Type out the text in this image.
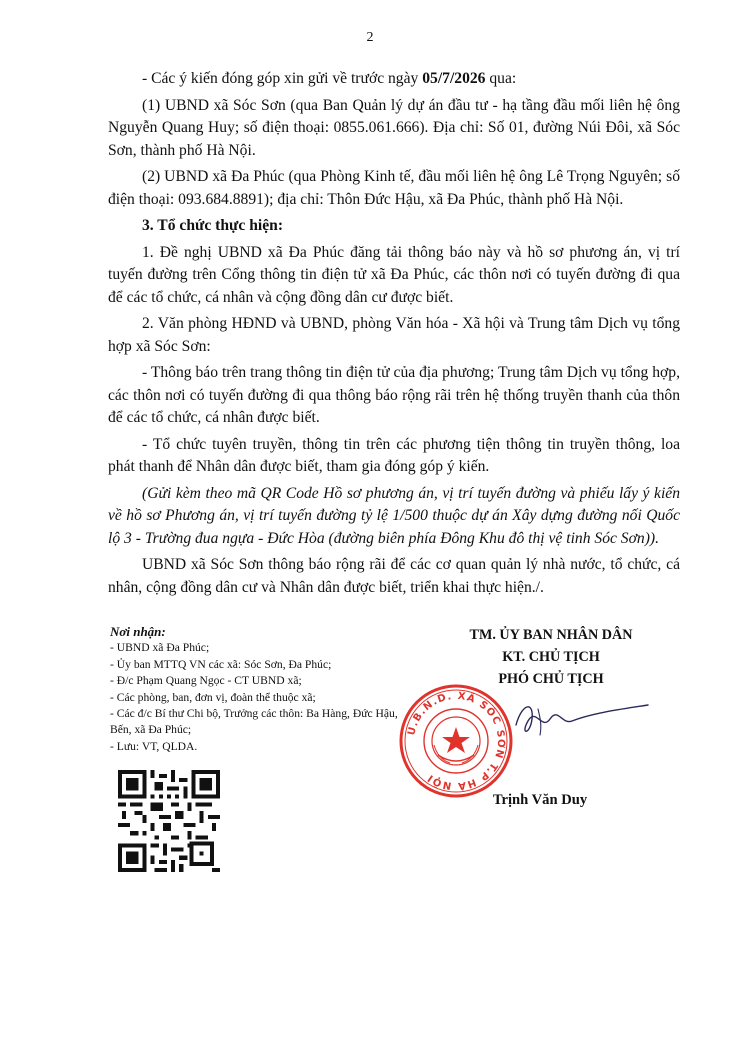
2

- Các ý kiến đóng góp xin gửi về trước ngày 05/7/2026 qua:

(1) UBND xã Sóc Sơn (qua Ban Quản lý dự án đầu tư - hạ tầng đầu mối liên hệ ông Nguyễn Quang Huy; số điện thoại: 0855.061.666). Địa chỉ: Số 01, đường Núi Đôi, xã Sóc Sơn, thành phố Hà Nội.

(2) UBND xã Đa Phúc (qua Phòng Kinh tế, đầu mối liên hệ ông Lê Trọng Nguyên; số điện thoại: 093.684.8891); địa chỉ: Thôn Đức Hậu, xã Đa Phúc, thành phố Hà Nội.

3. Tổ chức thực hiện:

1. Đề nghị UBND xã Đa Phúc đăng tải thông báo này và hồ sơ phương án, vị trí tuyến đường trên Cổng thông tin điện tử xã Đa Phúc, các thôn nơi có tuyến đường đi qua để các tổ chức, cá nhân và cộng đồng dân cư được biết.

2. Văn phòng HĐND và UBND, phòng Văn hóa - Xã hội và Trung tâm Dịch vụ tổng hợp xã Sóc Sơn:

- Thông báo trên trang thông tin điện tử của địa phương; Trung tâm Dịch vụ tổng hợp, các thôn nơi có tuyến đường đi qua thông báo rộng rãi trên hệ thống truyền thanh của thôn để các tổ chức, cá nhân được biết.

- Tổ chức tuyên truyền, thông tin trên các phương tiện thông tin truyền thông, loa phát thanh để Nhân dân được biết, tham gia đóng góp ý kiến.

(Gửi kèm theo mã QR Code Hồ sơ phương án, vị trí tuyến đường và phiếu lấy ý kiến về hồ sơ Phương án, vị trí tuyến đường tỷ lệ 1/500 thuộc dự án Xây dựng đường nối Quốc lộ 3 - Trường đua ngựa - Đức Hòa (đường biên phía Đông Khu đô thị vệ tinh Sóc Sơn)).

UBND xã Sóc Sơn thông báo rộng rãi để các cơ quan quản lý nhà nước, tổ chức, cá nhân, cộng đồng dân cư và Nhân dân được biết, triển khai thực hiện./.

Nơi nhận:
- UBND xã Đa Phúc;
- Ủy ban MTTQ VN các xã: Sóc Sơn, Đa Phúc;
- Đ/c Phạm Quang Ngọc - CT UBND xã;
- Các phòng, ban, đơn vị, đoàn thể thuộc xã;
- Các đ/c Bí thư Chi bộ, Trưởng các thôn: Ba Hàng, Đức Hậu, Bến, xã Đa Phúc;
- Lưu: VT, QLDA.
TM. ỦY BAN NHÂN DÂN
KT. CHỦ TỊCH
PHÓ CHỦ TỊCH
U.B.N.D. XÃ SÓC SƠN T.P HÀ NỘI
Trịnh Văn Duy
